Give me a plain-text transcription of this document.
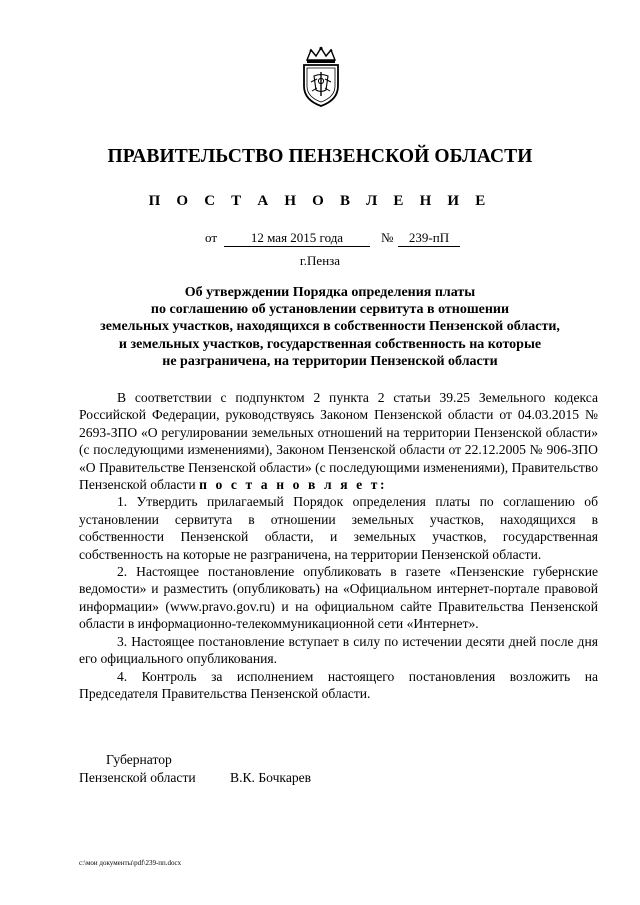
ПРАВИТЕЛЬСТВО ПЕНЗЕНСКОЙ ОБЛАСТИ
П О С Т А Н О В Л Е Н И Е
от	12 мая 2015 года	№	239-пП
г.Пенза
Об утверждении Порядка определения платы
по соглашению об установлении сервитута в отношении
земельных участков, находящихся в собственности Пензенской области,
и земельных участков, государственная собственность на которые
не разграничена, на территории Пензенской области

В соответствии с подпунктом 2 пункта 2 статьи 39.25 Земельного кодекса Российской Федерации, руководствуясь Законом Пензенской области от 04.03.2015 № 2693-ЗПО «О регулировании земельных отношений на территории Пензенской области» (с последующими изменениями), Законом Пензенской области от 22.12.2005 № 906-ЗПО «О Правительстве Пензенской области» (с последующими изменениями), Правительство Пензенской области п о с т а н о в л я е т:

1. Утвердить прилагаемый Порядок определения платы по соглашению об установлении сервитута в отношении земельных участков, находящихся в собственности Пензенской области, и земельных участков, государственная собственность на которые не разграничена, на территории Пензенской области.

2. Настоящее постановление опубликовать в газете «Пензенские губернские ведомости» и разместить (опубликовать) на «Официальном интернет-портале правовой информации» (www.pravo.gov.ru) и на официальном сайте Правительства Пензенской области в информационно-телекоммуникационной сети «Интернет».

3. Настоящее постановление вступает в силу по истечении десяти дней после дня его официального опубликования.

4. Контроль за исполнением настоящего постановления возложить на Председателя Правительства Пензенской области.

Губернатор
Пензенской области	В.К. Бочкарев
c:\мои документы\pdf\239-пп.docx
